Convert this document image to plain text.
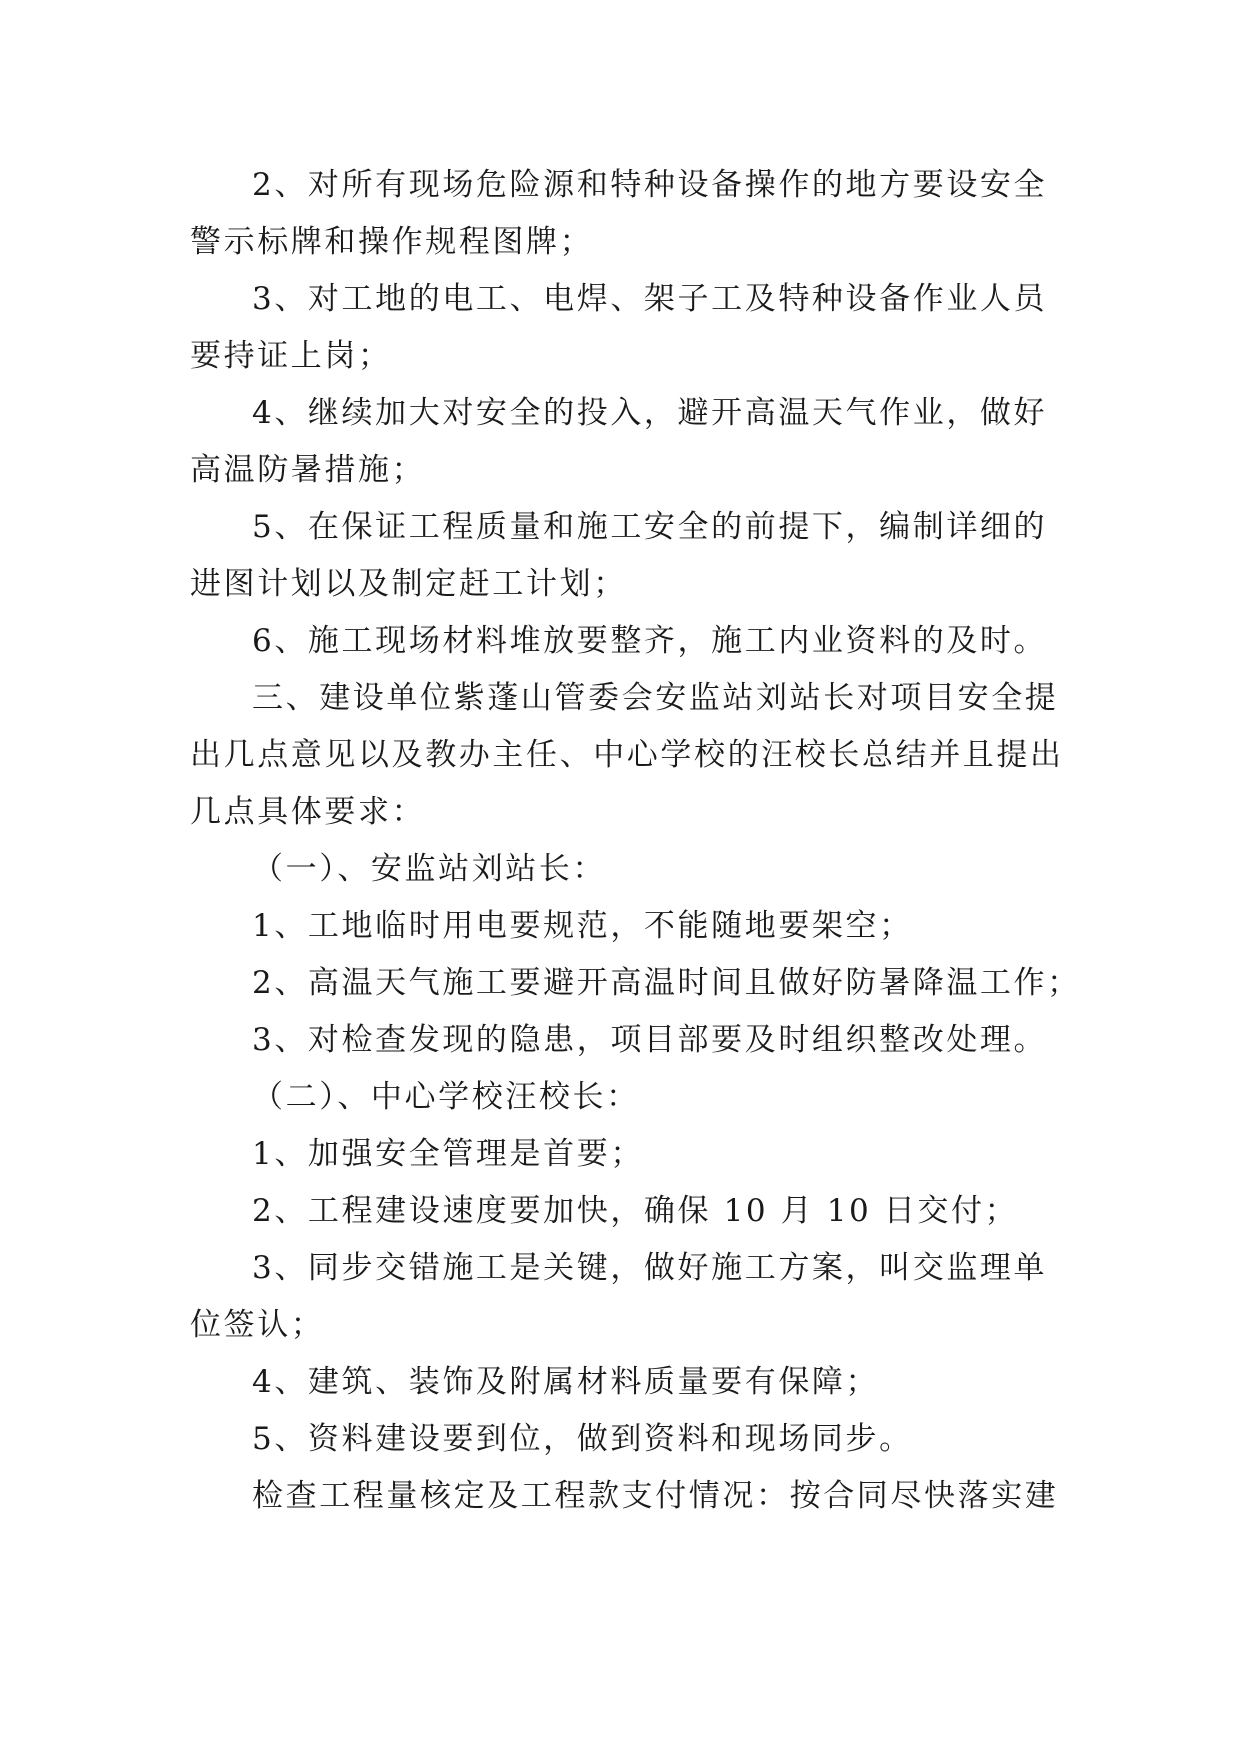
2、对所有现场危险源和特种设备操作的地方要设安全
警示标牌和操作规程图牌；
3、对工地的电工、电焊、架子工及特种设备作业人员
要持证上岗；
4、继续加大对安全的投入，避开高温天气作业，做好
高温防暑措施；
5、在保证工程质量和施工安全的前提下，编制详细的
进图计划以及制定赶工计划；
6、施工现场材料堆放要整齐，施工内业资料的及时。
三、建设单位紫蓬山管委会安监站刘站长对项目安全提
出几点意见以及教办主任、中心学校的汪校长总结并且提出
几点具体要求：
（一）、安监站刘站长：
1、工地临时用电要规范，不能随地要架空；
2、高温天气施工要避开高温时间且做好防暑降温工作；
3、对检查发现的隐患，项目部要及时组织整改处理。
（二）、中心学校汪校长：
1、加强安全管理是首要；
2、工程建设速度要加快，确保 10 月 10 日交付；
3、同步交错施工是关键，做好施工方案，叫交监理单
位签认；
4、建筑、装饰及附属材料质量要有保障；
5、资料建设要到位，做到资料和现场同步。
检查工程量核定及工程款支付情况：按合同尽快落实建
